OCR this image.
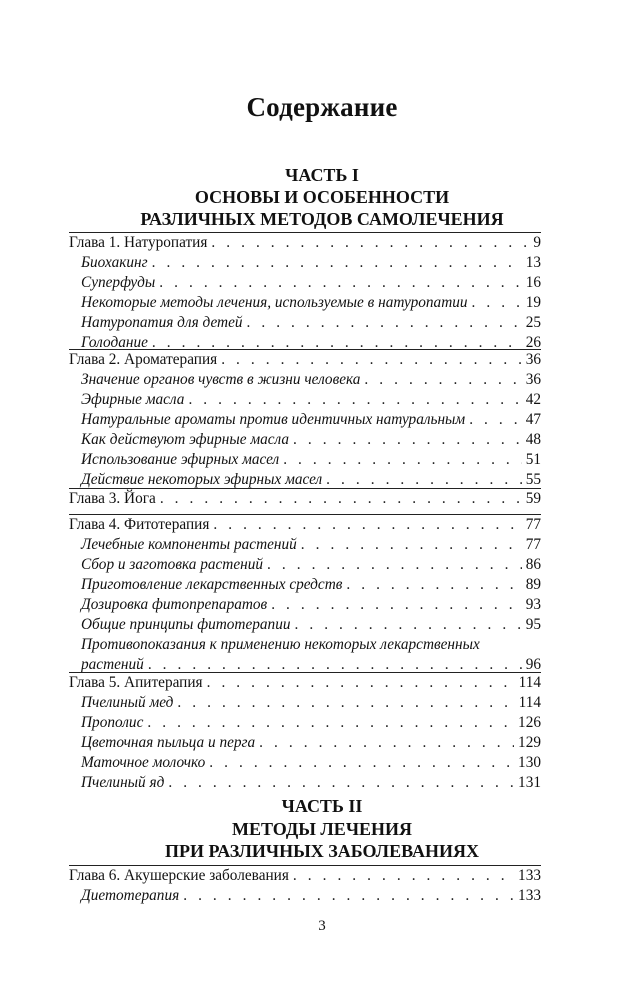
Содержание
ЧАСТЬ I
ОСНОВЫ И ОСОБЕННОСТИ
РАЗЛИЧНЫХ МЕТОДОВ САМОЛЕЧЕНИЯ
Глава 1. Натуропатия . . .	9
Биохакинг . . .	13
Суперфуды . . .	16
Некоторые методы лечения, используемые в натуропатии . . .	19
Натуропатия для детей . . .	25
Голодание . . .	26
Глава 2. Ароматерапия . . .	36
Значение органов чувств в жизни человека . . .	36
Эфирные масла . . .	42
Натуральные ароматы против идентичных натуральным . . .	47
Как действуют эфирные масла . . .	48
Использование эфирных масел . . .	51
Действие некоторых эфирных масел . . .	55
Глава 3. Йога . . .	59
Глава 4. Фитотерапия . . .	77
Лечебные компоненты растений . . .	77
Сбор и заготовка растений . . .	86
Приготовление лекарственных средств . . .	89
Дозировка фитопрепаратов . . .	93
Общие принципы фитотерапии . . .	95
Противопоказания к применению некоторых лекарственных
растений . . .	96
Глава 5. Апитерапия . . .	114
Пчелиный мед . . .	114
Прополис . . .	126
Цветочная пыльца и перга . . .	129
Маточное молочко . . .	130
Пчелиный яд . . .	131
ЧАСТЬ II
МЕТОДЫ ЛЕЧЕНИЯ
ПРИ РАЗЛИЧНЫХ ЗАБОЛЕВАНИЯХ
Глава 6. Акушерские заболевания . . .	133
Диетотерапия . . .	133
3
